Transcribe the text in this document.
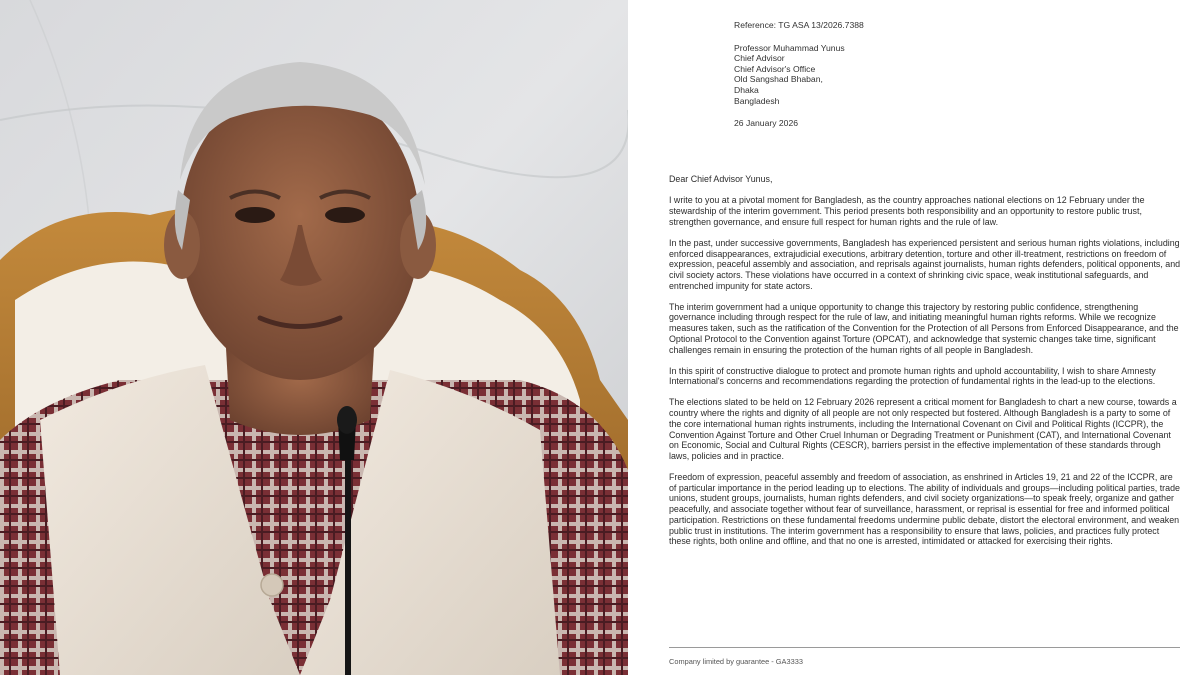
Reference: TG ASA 13/2026.7388
Professor Muhammad Yunus
Chief Advisor
Chief Advisor's Office
Old Sangshad Bhaban,
Dhaka
Bangladesh
26 January 2026

Dear Chief Advisor Yunus,

I write to you at a pivotal moment for Bangladesh, as the country approaches national elections on 12 February under the stewardship of the interim government. This period presents both responsibility and an opportunity to restore public trust, strengthen governance, and ensure full respect for human rights and the rule of law.

In the past, under successive governments, Bangladesh has experienced persistent and serious human rights violations, including enforced disappearances, extrajudicial executions, arbitrary detention, torture and other ill-treatment, restrictions on freedom of expression, peaceful assembly and association, and reprisals against journalists, human rights defenders, political opponents, and civil society actors. These violations have occurred in a context of shrinking civic space, weak institutional safeguards, and entrenched impunity for state actors.

The interim government had a unique opportunity to change this trajectory by restoring public confidence, strengthening governance including through respect for the rule of law, and initiating meaningful human rights reforms. While we recognize measures taken, such as the ratification of the Convention for the Protection of all Persons from Enforced Disappearance, and the Optional Protocol to the Convention against Torture (OPCAT), and acknowledge that systemic changes take time, significant challenges remain in ensuring the protection of the human rights of all people in Bangladesh.

In this spirit of constructive dialogue to protect and promote human rights and uphold accountability, I wish to share Amnesty International's concerns and recommendations regarding the protection of fundamental rights in the lead-up to the elections.

The elections slated to be held on 12 February 2026 represent a critical moment for Bangladesh to chart a new course, towards a country where the rights and dignity of all people are not only respected but fostered. Although Bangladesh is a party to some of the core international human rights instruments, including the International Covenant on Civil and Political Rights (ICCPR), the Convention Against Torture and Other Cruel Inhuman or Degrading Treatment or Punishment (CAT), and International Covenant on Economic, Social and Cultural Rights (CESCR), barriers persist in the effective implementation of these standards through laws, policies and in practice.

Freedom of expression, peaceful assembly and freedom of association, as enshrined in Articles 19, 21 and 22 of the ICCPR, are of particular importance in the period leading up to elections. The ability of individuals and groups—including political parties, trade unions, student groups, journalists, human rights defenders, and civil society organizations—to speak freely, organize and gather peacefully, and associate together without fear of surveillance, harassment, or reprisal is essential for free and informed political participation. Restrictions on these fundamental freedoms undermine public debate, distort the electoral environment, and weaken public trust in institutions. The interim government has a responsibility to ensure that laws, policies, and practices fully protect these rights, both online and offline, and that no one is arrested, intimidated or attacked for exercising their rights.

Company limited by guarantee - GA3333
